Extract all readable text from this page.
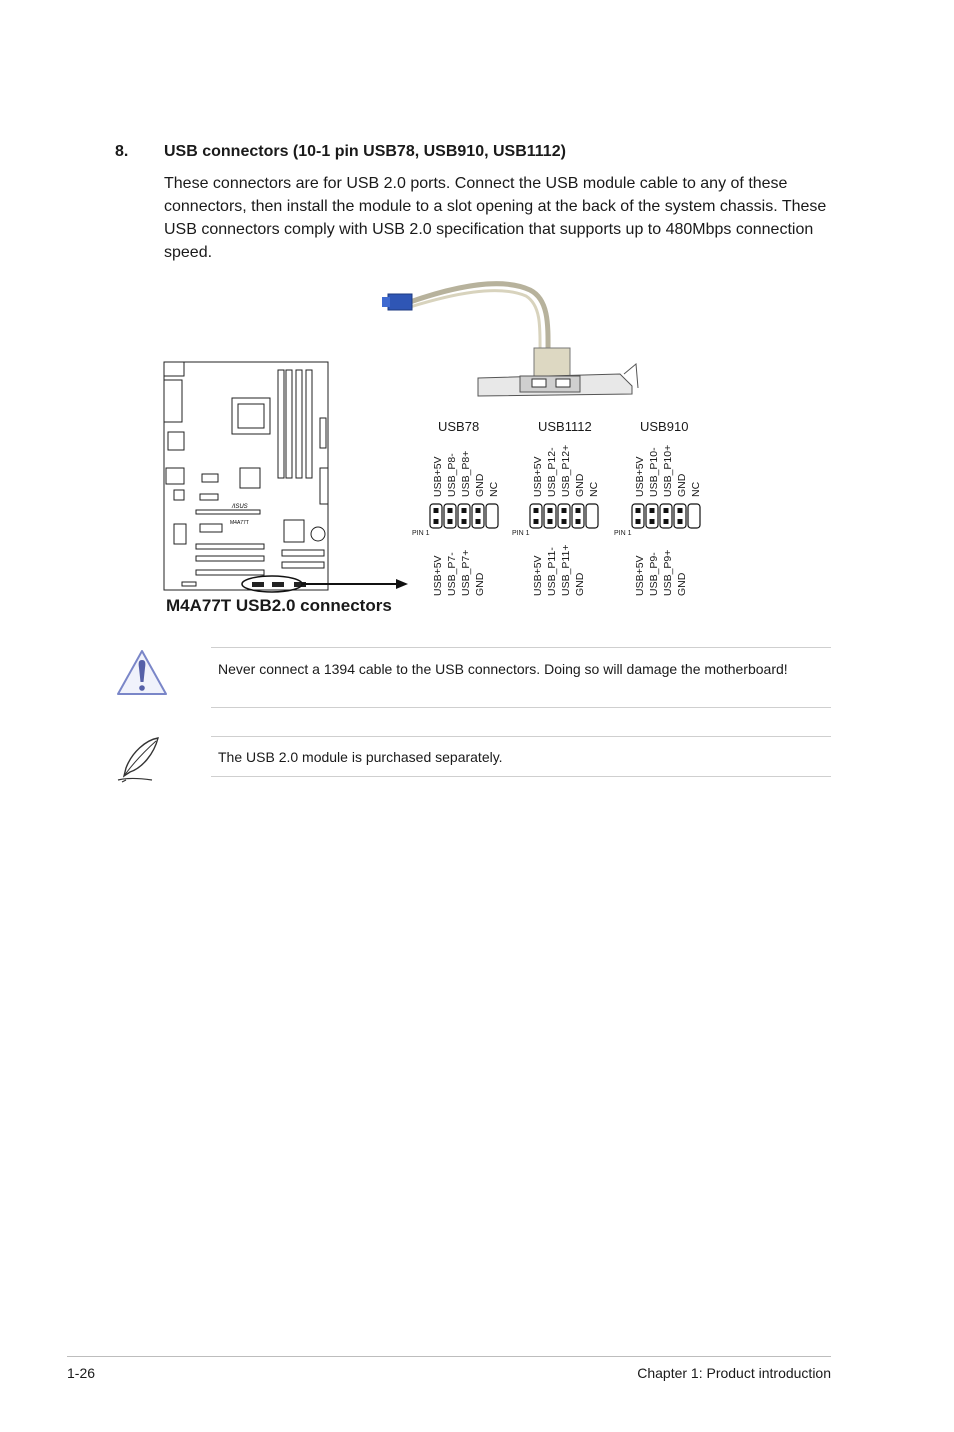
8. USB connectors (10-1 pin USB78, USB910, USB1112)
These connectors are for USB 2.0 ports. Connect the USB module cable to any of these connectors, then install the module to a slot opening at the back of the system chassis. These USB connectors comply with USB 2.0 specification that supports up to 480Mbps connection speed.
/ISUS
M4A77T
M4A77T USB2.0 connectors
USB78
USB+5V USB_P8- USB_P8+ GND NC
USB+5V USB_P7- USB_P7+ GND
PIN 1
USB1112
USB+5V USB_P12- USB_P12+ GND NC
USB+5V USB_P11- USB_P11+ GND
PIN 1
USB910
USB+5V USB_P10- USB_P10+ GND NC
USB+5V USB_P9- USB_P9+ GND
PIN 1
Never connect a 1394 cable to the USB connectors. Doing so will damage the motherboard!
The USB 2.0 module is purchased separately.
1-26	Chapter 1: Product introduction
